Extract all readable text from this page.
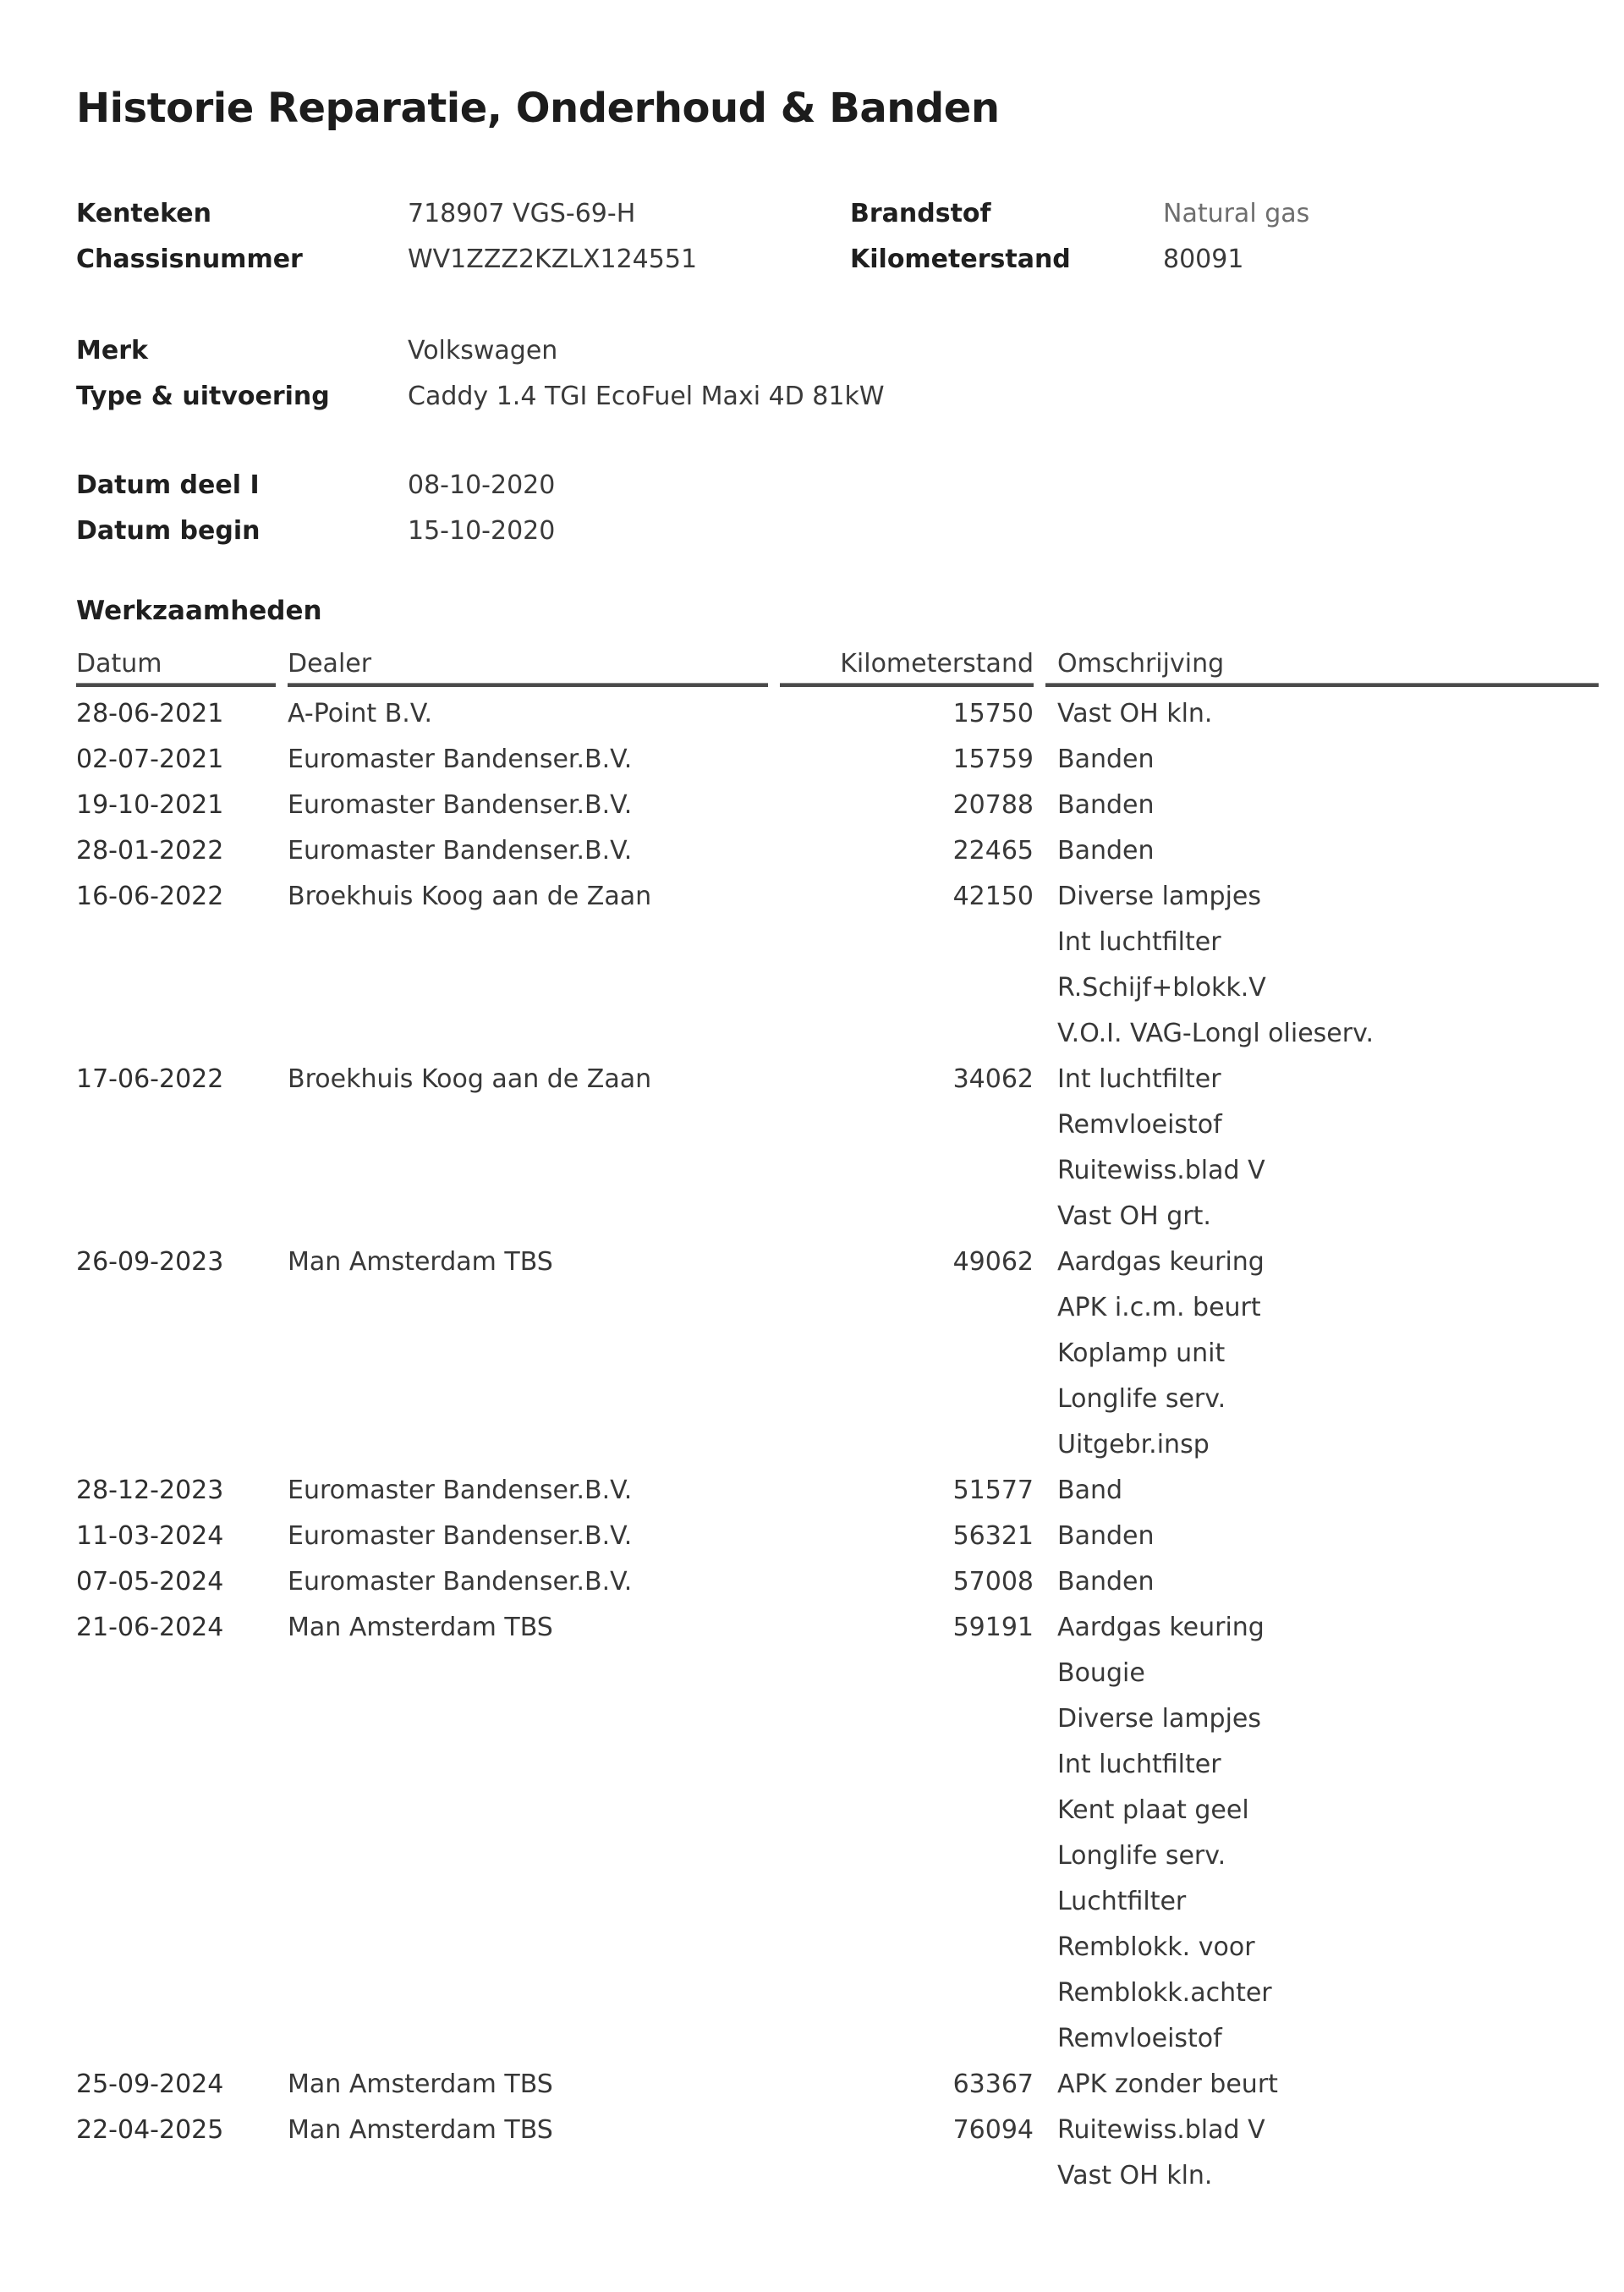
Historie Reparatie, Onderhoud & Banden
Kenteken	718907 VGS-69-H	Brandstof	Natural gas
Chassisnummer	WV1ZZZ2KZLX124551	Kilometerstand	80091
Merk	Volkswagen
Type & uitvoering	Caddy 1.4 TGI EcoFuel Maxi 4D 81kW
Datum deel I	08-10-2020
Datum begin	15-10-2020
Werkzaamheden
Datum	Dealer	Kilometerstand Omschrijving
28-06-2021	A-Point B.V.	15750 Vast OH kln.
02-07-2021	Euromaster Bandenser.B.V.	15759 Banden
19-10-2021	Euromaster Bandenser.B.V.	20788 Banden
28-01-2022	Euromaster Bandenser.B.V.	22465 Banden
16-06-2022	Broekhuis Koog aan de Zaan	42150 Diverse lampjes
Int luchtfilter
R.Schijf+blokk.V
V.O.I. VAG-Longl olieserv.
17-06-2022	Broekhuis Koog aan de Zaan	34062 Int luchtfilter
Remvloeistof
Ruitewiss.blad V
Vast OH grt.
26-09-2023	Man Amsterdam TBS	49062 Aardgas keuring
APK i.c.m. beurt
Koplamp unit
Longlife serv.
Uitgebr.insp
28-12-2023	Euromaster Bandenser.B.V.	51577 Band
11-03-2024	Euromaster Bandenser.B.V.	56321 Banden
07-05-2024	Euromaster Bandenser.B.V.	57008 Banden
21-06-2024	Man Amsterdam TBS	59191 Aardgas keuring
Bougie
Diverse lampjes
Int luchtfilter
Kent plaat geel
Longlife serv.
Luchtfilter
Remblokk. voor
Remblokk.achter
Remvloeistof
25-09-2024	Man Amsterdam TBS	63367 APK zonder beurt
22-04-2025	Man Amsterdam TBS	76094 Ruitewiss.blad V
Vast OH kln.
